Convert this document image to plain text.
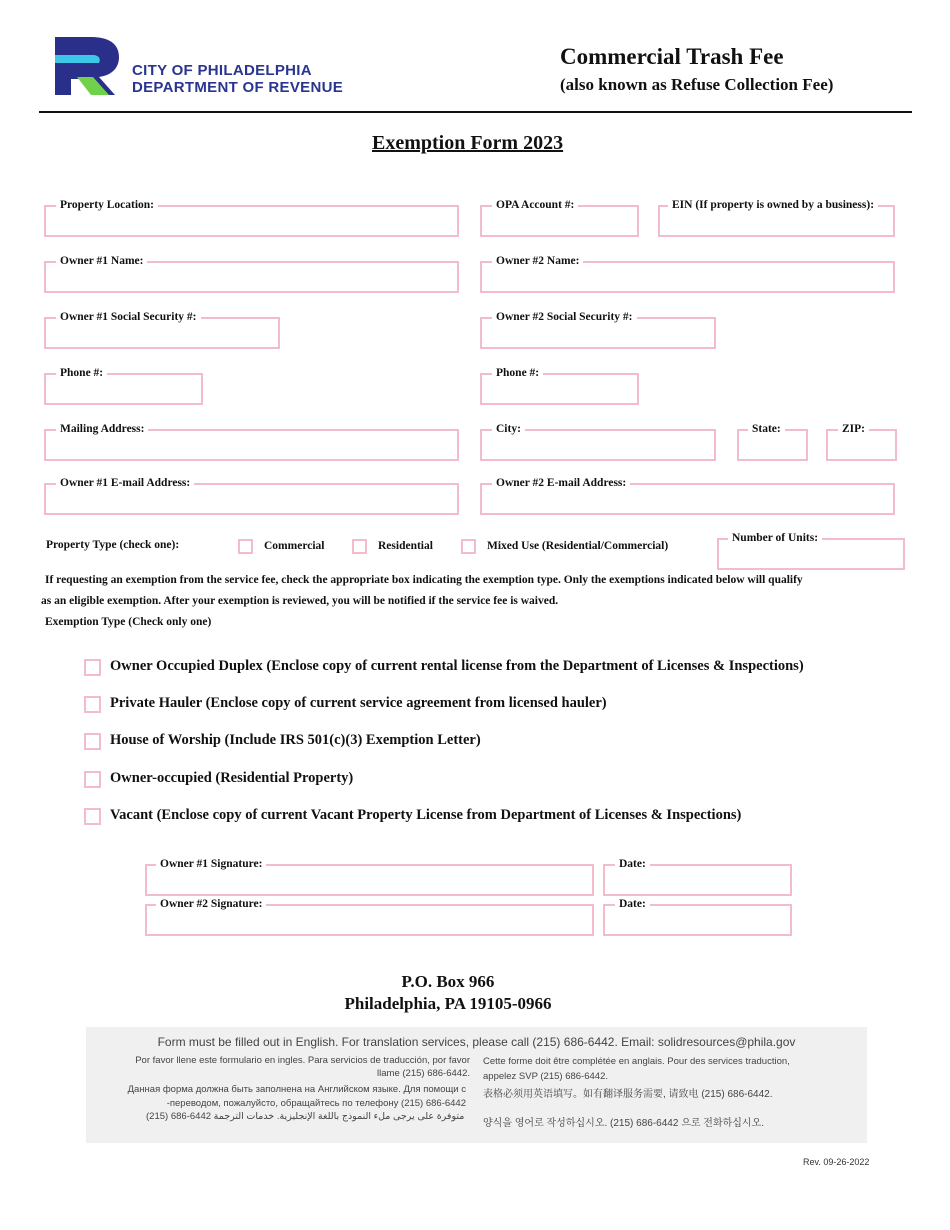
CITY OF PHILADELPHIA
DEPARTMENT OF REVENUE
Commercial Trash Fee
(also known as Refuse Collection Fee)
Exemption Form 2023
Property Location:	OPA Account #:	EIN (If property is owned by a business):
Owner #1 Name:	Owner #2 Name:
Owner #1 Social Security #:	Owner #2 Social Security #:
Phone #:	Phone #:
Mailing Address:	City:	State:	ZIP:
Owner #1 E-mail Address:	Owner #2 E-mail Address:
Property Type (check one):	Commercial	Residential	Mixed Use (Residential/Commercial)
Number of Units:
If requesting an exemption from the service fee, check the appropriate box indicating the exemption type. Only the exemptions indicated below will qualify
as an eligible exemption. After your exemption is reviewed, you will be notified if the service fee is waived.
Exemption Type (Check only one)
Owner Occupied Duplex (Enclose copy of current rental license from the Department of Licenses & Inspections)
Private Hauler (Enclose copy of current service agreement from licensed hauler)
House of Worship (Include IRS 501(c)(3) Exemption Letter)
Owner-occupied (Residential Property)
Vacant (Enclose copy of current Vacant Property License from Department of Licenses & Inspections)
Owner #1 Signature:	Date:
Owner #2 Signature:	Date:
P.O. Box 966
Philadelphia, PA 19105-0966
Form must be filled out in English. For translation services, please call (215) 686-6442. Email: solidresources@phila.gov
Por favor llene este formulario en ingles. Para servicios de traducción, por favor llame (215) 686-6442.
Данная форма должна быть заполнена на Английском языке. Для помощи с переводом, пожалуйсто, обращайтесь по телефону (215) 686-6442-
متوفرة على يرجى ملء النموذج باللغة الإنجليزية. خدمات الترجمة 6442-686 (215)
Cette forme doit être complétée en anglais. Pour des services traduction, appelez SVP (215) 686-6442.
表格必须用英语填写。如有翻译服务需要, 请致电 (215) 686-6442.
양식을 영어로 작성하십시오. (215) 686-6442 으로 전화하십시오.
Rev. 09-26-2022
